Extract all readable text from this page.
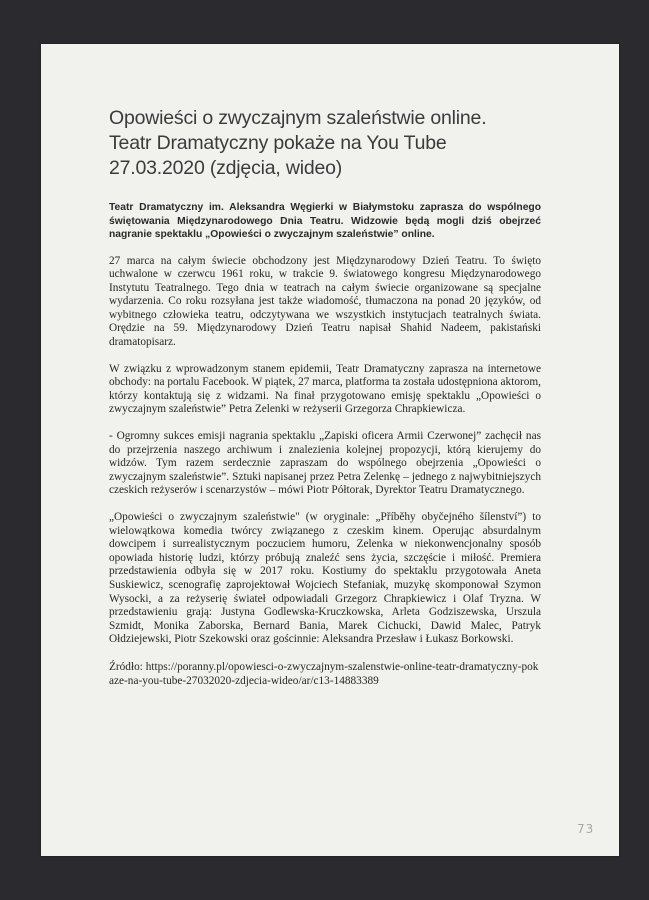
Opowieści o zwyczajnym szaleństwie online.
Teatr Dramatyczny pokaże na You Tube
27.03.2020 (zdjęcia, wideo)

Teatr Dramatyczny im. Aleksandra Węgierki w Białymstoku zaprasza do wspólnego świętowania Międzynarodowego Dnia Teatru. Widzowie będą mogli dziś obejrzeć nagranie spektaklu „Opowieści o zwyczajnym szaleństwie” online.

27 marca na całym świecie obchodzony jest Międzynarodowy Dzień Teatru. To święto uchwalone w czerwcu 1961 roku, w trakcie 9. światowego kongresu Międzynarodowego Instytutu Teatralnego. Tego dnia w teatrach na całym świecie organizowane są specjalne wydarzenia. Co roku rozsyłana jest także wiadomość, tłumaczona na ponad 20 języków, od wybitnego człowieka teatru, odczytywana we wszystkich instytucjach teatralnych świata. Orędzie na 59. Międzynarodowy Dzień Teatru napisał Shahid Nadeem, pakistański dramatopisarz.

W związku z wprowadzonym stanem epidemii, Teatr Dramatyczny zaprasza na internetowe obchody: na portalu Facebook. W piątek, 27 marca, platforma ta została udostępniona aktorom, którzy kontaktują się z widzami. Na finał przygotowano emisję spektaklu „Opowieści o zwyczajnym szaleństwie” Petra Zelenki w reżyserii Grzegorza Chrapkiewicza.

- Ogromny sukces emisji nagrania spektaklu „Zapiski oficera Armii Czerwonej” zachęcił nas do przejrzenia naszego archiwum i znalezienia kolejnej propozycji, którą kierujemy do widzów. Tym razem serdecznie zapraszam do wspólnego obejrzenia „Opowieści o zwyczajnym szaleństwie”. Sztuki napisanej przez Petra Zelenkę – jednego z najwybitniejszych czeskich reżyserów i scenarzystów – mówi Piotr Półtorak, Dyrektor Teatru Dramatycznego.

„Opowieści o zwyczajnym szaleństwie" (w oryginale: „Příběhy obyčejného šílenství”) to wielowątkowa komedia twórcy związanego z czeskim kinem. Operując absurdalnym dowcipem i surrealistycznym poczuciem humoru, Zelenka w niekonwencjonalny sposób opowiada historię ludzi, którzy próbują znaleźć sens życia, szczęście i miłość. Premiera przedstawienia odbyła się w 2017 roku. Kostiumy do spektaklu przygotowała Aneta Suskiewicz, scenografię zaprojektował Wojciech Stefaniak, muzykę skomponował Szymon Wysocki, a za reżyserię świateł odpowiadali Grzegorz Chrapkiewicz i Olaf Tryzna. W przedstawieniu grają: Justyna Godlewska-Kruczkowska, Arleta Godziszewska, Urszula Szmidt, Monika Zaborska, Bernard Bania, Marek Cichucki, Dawid Malec, Patryk Ołdziejewski, Piotr Szekowski oraz gościnnie: Aleksandra Przesław i Łukasz Borkowski.

Źródło: https://poranny.pl/opowiesci-o-zwyczajnym-szalenstwie-online-teatr-dramatyczny-pokaze-na-you-tube-27032020-zdjecia-wideo/ar/c13-14883389

73
